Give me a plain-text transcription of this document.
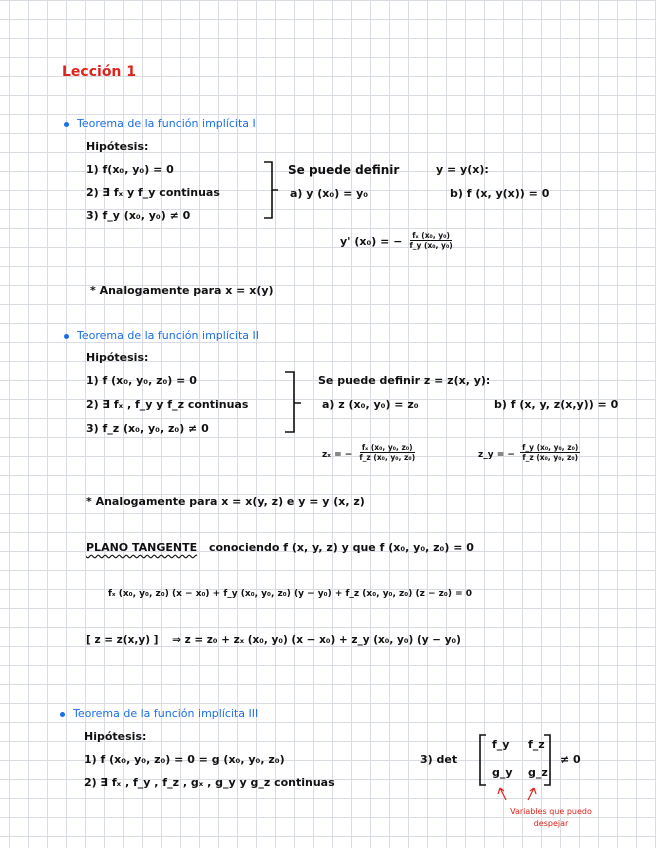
Lección 1
Teorema de la función implícita I
Hipótesis:
1) f(x₀, y₀) = 0
2) ∃ fₓ y f_y continuas
3) f_y (x₀, y₀) ≠ 0
Se puede definir	y = y(x):
a) y (x₀) = y₀	b) f (x, y(x)) = 0
y' (x₀) = − $\frac{\text{fₓ (x₀, y₀)}}{\text{f\_y (x₀, y₀)}}$
* Analogamente para x = x(y)
Teorema de la función implícita II
Hipótesis:
1) f (x₀, y₀, z₀) = 0
2) ∃ fₓ , f_y y f_z continuas
3) f_z (x₀, y₀, z₀) ≠ 0
Se puede definir z = z(x, y):
a) z (x₀, y₀) = z₀	b) f (x, y, z(x,y)) = 0
zₓ = − $\frac{\text{fₓ (x₀, y₀, z₀)}}{\text{f\_z (x₀, y₀, z₀)}}$	z_y = − $\frac{\text{f\_y (x₀, y₀, z₀)}}{\text{f\_z (x₀, y₀, z₀)}}$
* Analogamente para x = x(y, z) e y = y (x, z)
PLANO TANGENTE conociendo f (x, y, z) y que f (x₀, y₀, z₀) = 0
fₓ (x₀, y₀, z₀) (x − x₀) + f_y (x₀, y₀, z₀) (y − y₀) + f_z (x₀, y₀, z₀) (z − z₀) = 0
[ z = z(x,y) ] ⇒ z = z₀ + zₓ (x₀, y₀) (x − x₀) + z_y (x₀, y₀) (y − y₀)
Teorema de la función implícita III
Hipótesis:
1) f (x₀, y₀, z₀) = 0 = g (x₀, y₀, z₀)
2) ∃ fₓ , f_y , f_z , gₓ , g_y y g_z continuas
3) det
f_y f_z
g_y g_z
≠ 0
Variables que puedo despejar
